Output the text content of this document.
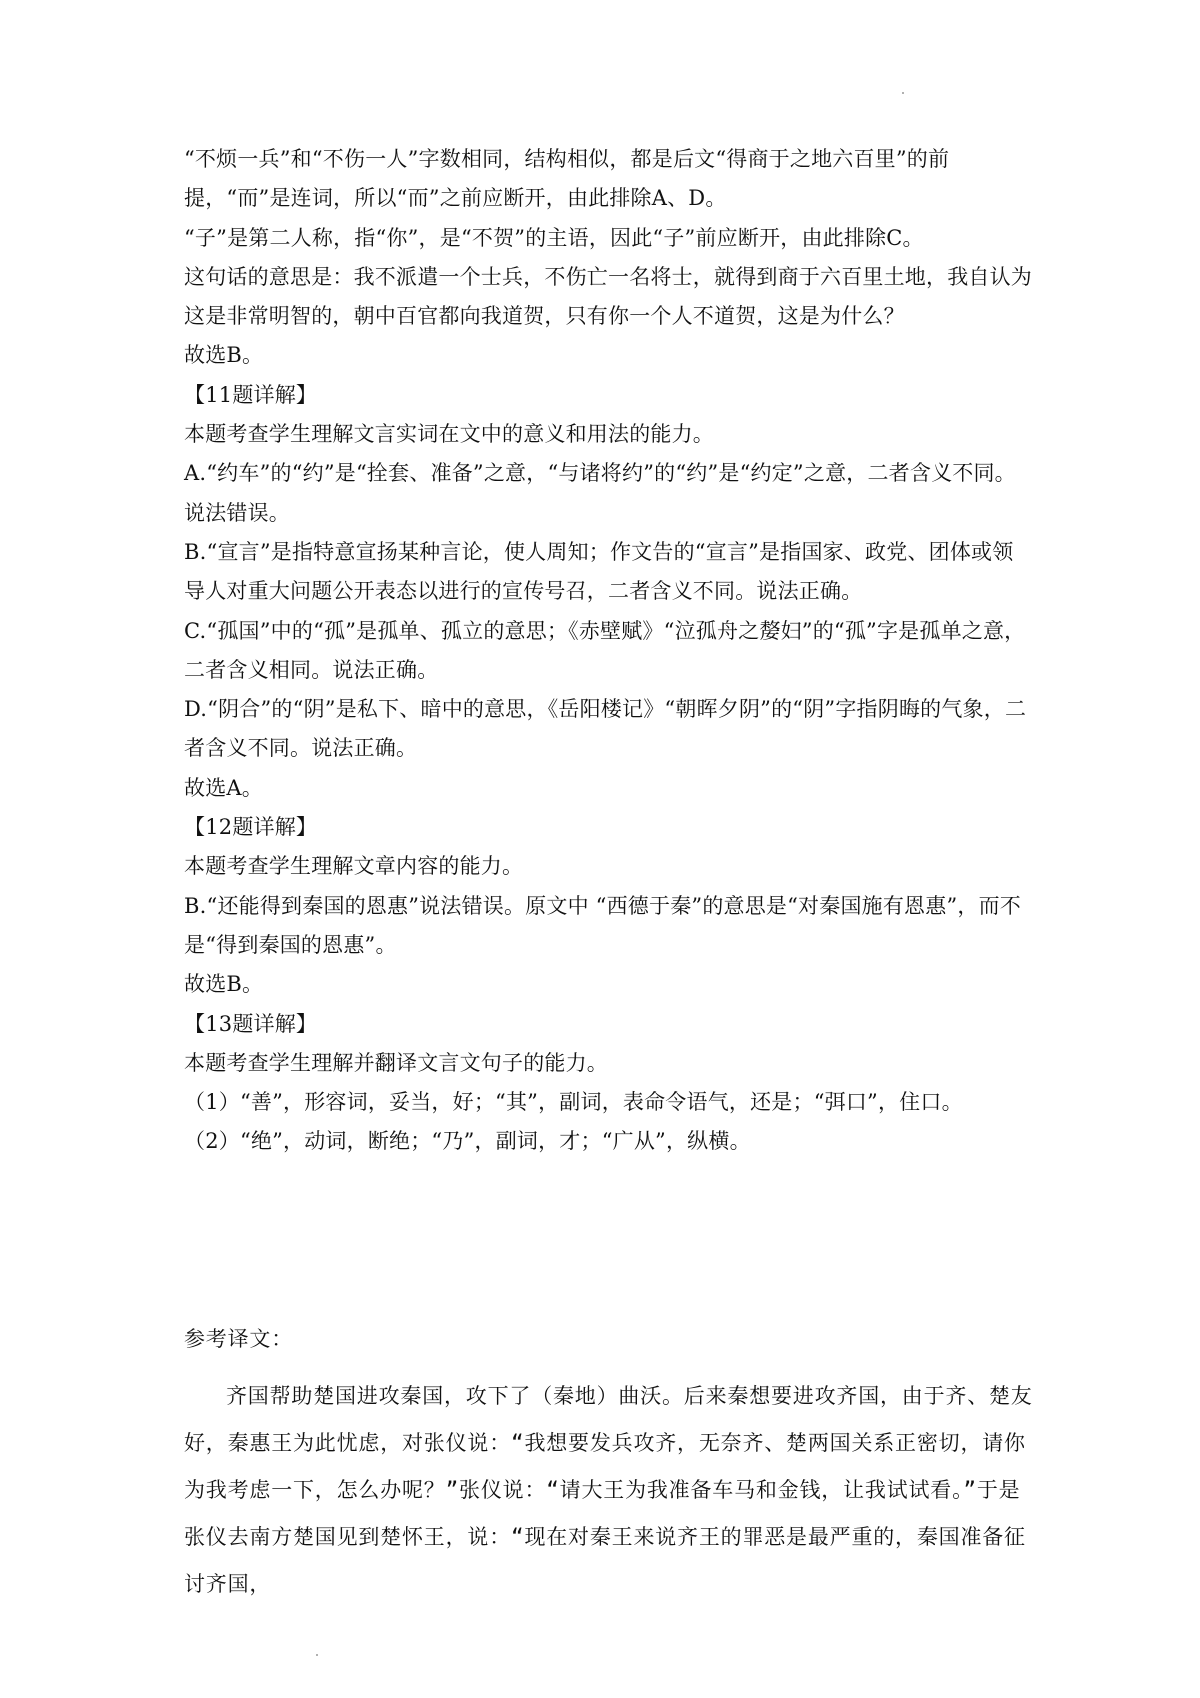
“不烦一兵”和“不伤一人”字数相同，结构相似，都是后文“得商于之地六百里”的前提，“而”是连词，所以“而”之前应断开，由此排除A、D。

“子”是第二人称，指“你”，是“不贺”的主语，因此“子”前应断开，由此排除C。

这句话的意思是：我不派遣一个士兵，不伤亡一名将士，就得到商于六百里土地，我自认为这是非常明智的，朝中百官都向我道贺，只有你一个人不道贺，这是为什么？

故选B。

【11题详解】

本题考查学生理解文言实词在文中的意义和用法的能力。

A.“约车”的“约”是“拴套、准备”之意，“与诸将约”的“约”是“约定”之意，二者含义不同。说法错误。

B.“宣言”是指特意宣扬某种言论，使人周知；作文告的“宣言”是指国家、政党、团体或领导人对重大问题公开表态以进行的宣传号召，二者含义不同。说法正确。

C.“孤国”中的“孤”是孤单、孤立的意思；《赤壁赋》“泣孤舟之嫠妇”的“孤”字是孤单之意，二者含义相同。说法正确。

D.“阴合”的“阴”是私下、暗中的意思，《岳阳楼记》“朝晖夕阴”的“阴”字指阴晦的气象，二者含义不同。说法正确。

故选A。

【12题详解】

本题考查学生理解文章内容的能力。

B.“还能得到秦国的恩惠”说法错误。原文中 “西德于秦”的意思是“对秦国施有恩惠”，而不是“得到秦国的恩惠”。

故选B。

【13题详解】

本题考查学生理解并翻译文言文句子的能力。

（1）“善”，形容词，妥当，好；“其”，副词，表命令语气，还是；“弭口”，住口。

（2）“绝”，动词，断绝；“乃”，副词，才；“广从”，纵横。

参考译文：

齐国帮助楚国进攻秦国，攻下了（秦地）曲沃。后来秦想要进攻齐国，由于齐、楚友好，秦惠王为此忧虑，对张仪说：“我想要发兵攻齐，无奈齐、楚两国关系正密切，请你为我考虑一下，怎么办呢？”张仪说：“请大王为我准备车马和金钱，让我试试看。”于是张仪去南方楚国见到楚怀王，说：“现在对秦王来说齐王的罪恶是最严重的，秦国准备征讨齐国，
